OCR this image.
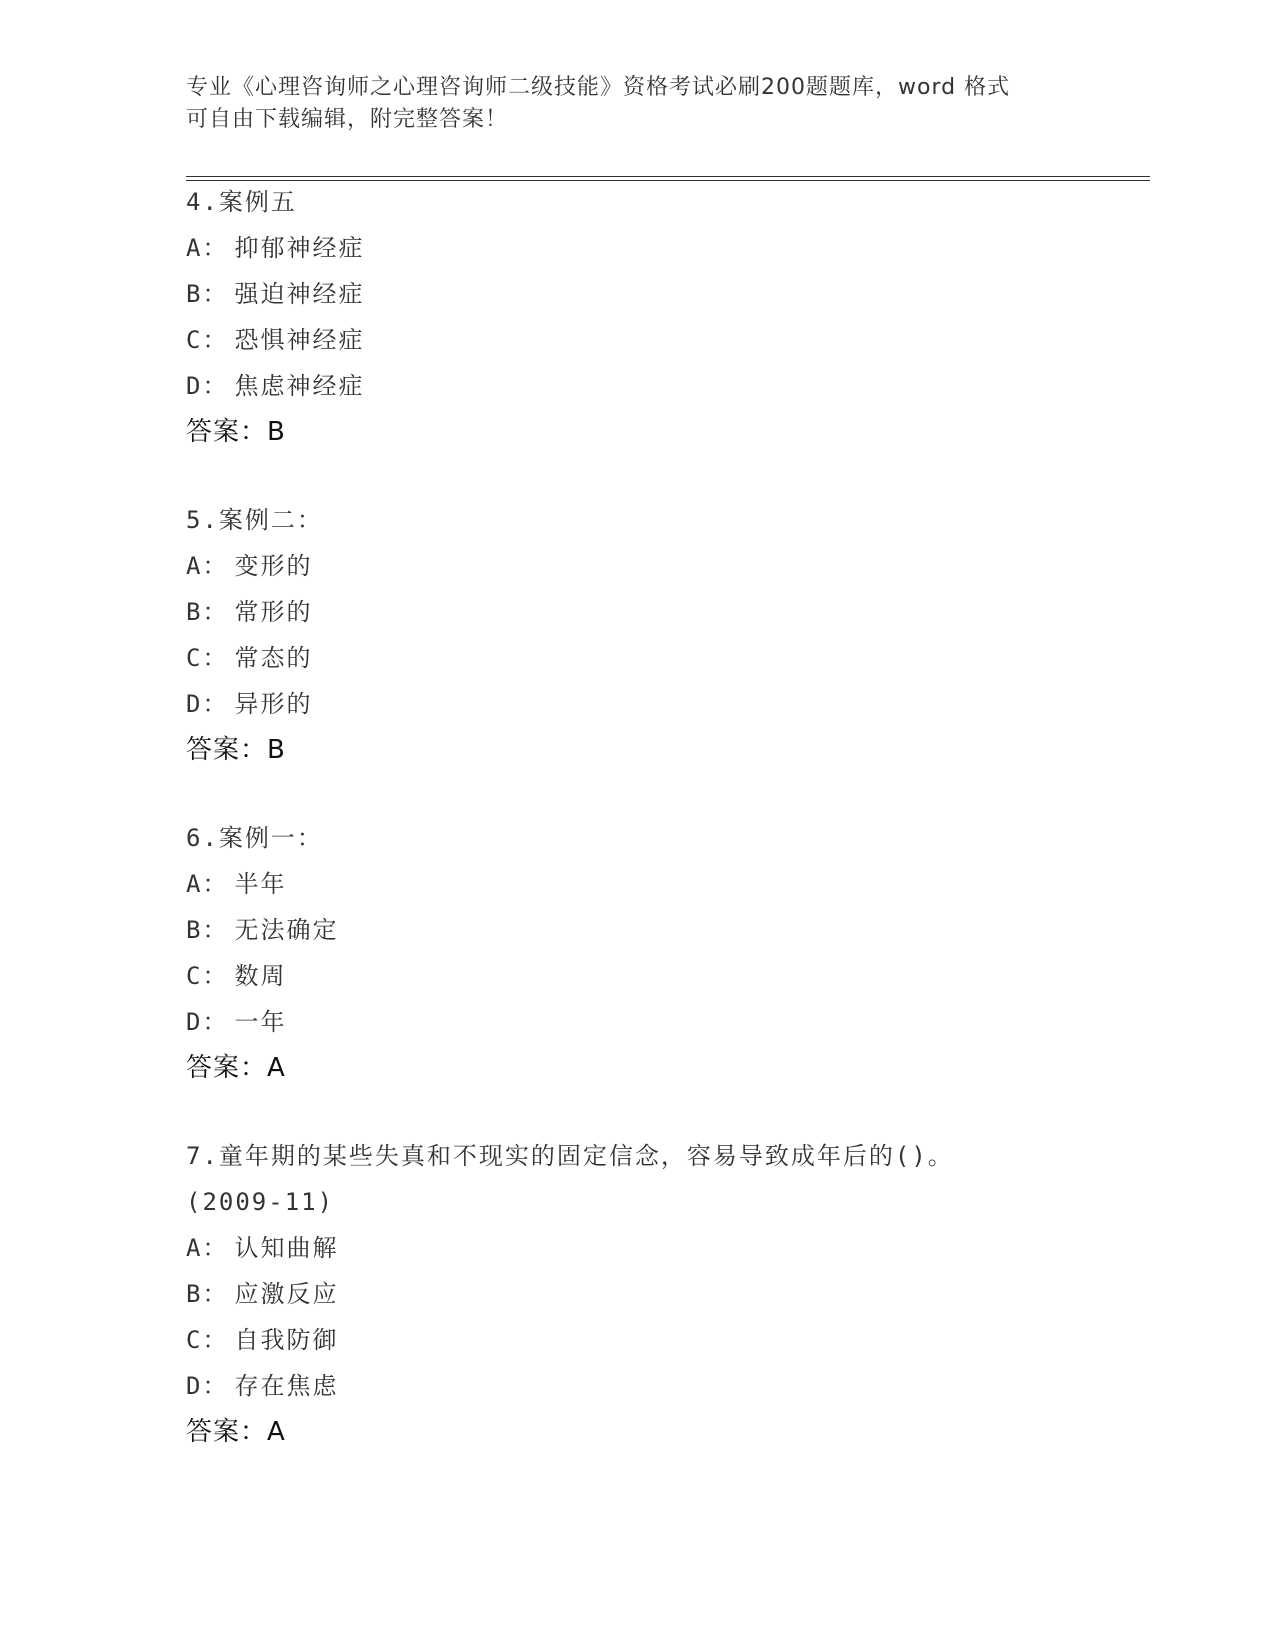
专业《心理咨询师之心理咨询师二级技能》资格考试必刷200题题库，word 格式
可自由下载编辑，附完整答案！
4.案例五
A： 抑郁神经症
B： 强迫神经症
C： 恐惧神经症
D： 焦虑神经症
答案：B
5.案例二：
A： 变形的
B： 常形的
C： 常态的
D： 异形的
答案：B
6.案例一：
A： 半年
B： 无法确定
C： 数周
D： 一年
答案：A
7.童年期的某些失真和不现实的固定信念，容易导致成年后的()。
(2009-11)
A： 认知曲解
B： 应激反应
C： 自我防御
D： 存在焦虑
答案：A
